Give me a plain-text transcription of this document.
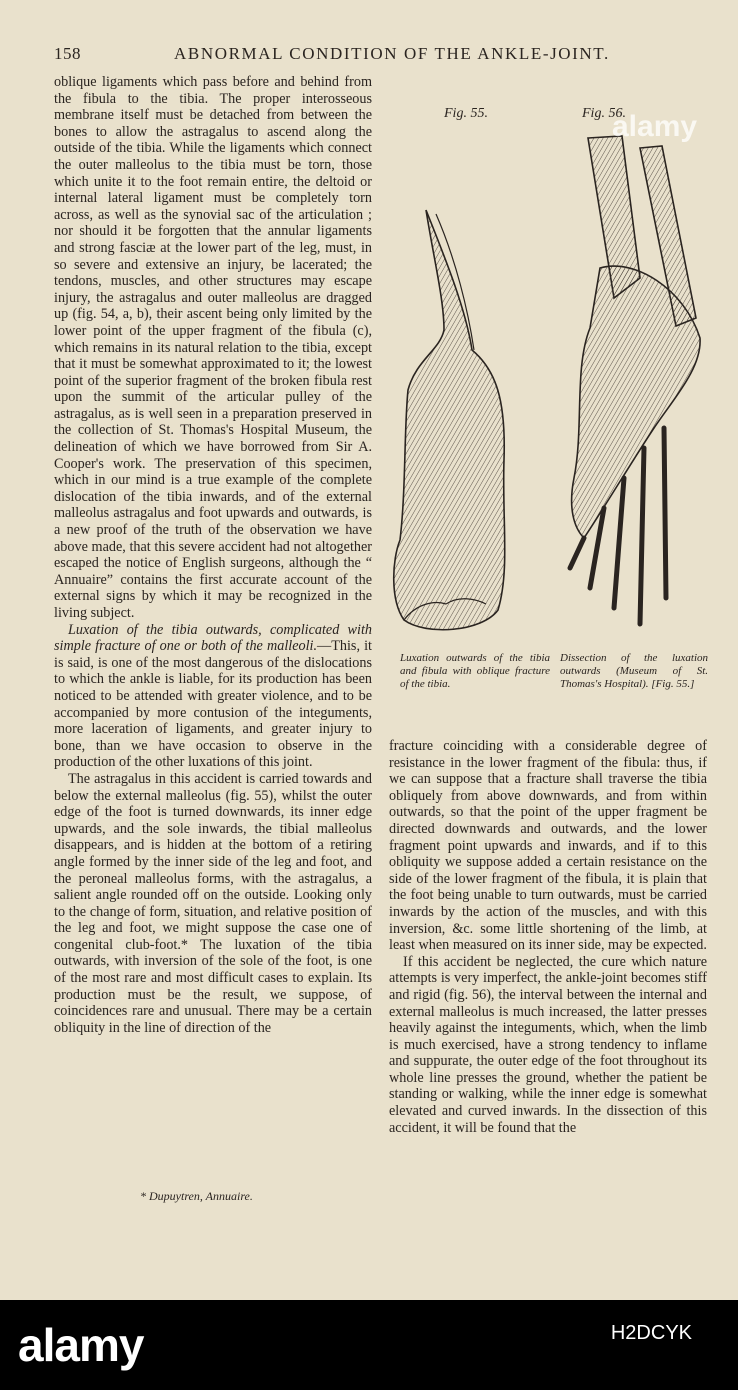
158	ABNORMAL CONDITION OF THE ANKLE-JOINT.

oblique ligaments which pass before and behind from the fibula to the tibia. The proper interosseous membrane itself must be detached from between the bones to allow the astragalus to ascend along the outside of the tibia. While the ligaments which connect the outer malleolus to the tibia must be torn, those which unite it to the foot remain entire, the deltoid or internal lateral ligament must be completely torn across, as well as the synovial sac of the articulation ; nor should it be forgotten that the annular ligaments and strong fasciæ at the lower part of the leg, must, in so severe and extensive an injury, be lacerated; the tendons, muscles, and other structures may escape injury, the astragalus and outer malleolus are dragged up (fig. 54, a, b), their ascent being only limited by the lower point of the upper fragment of the fibula (c), which remains in its natural relation to the tibia, except that it must be somewhat approximated to it; the lowest point of the superior fragment of the broken fibula rest upon the summit of the articular pulley of the astragalus, as is well seen in a preparation preserved in the collection of St. Thomas's Hospital Museum, the delineation of which we have borrowed from Sir A. Cooper's work. The preservation of this specimen, which in our mind is a true example of the complete dislocation of the tibia inwards, and of the external malleolus astragalus and foot upwards and outwards, is a new proof of the truth of the observation we have above made, that this severe accident had not altogether escaped the notice of English surgeons, although the “ Annuaire” contains the first accurate account of the external signs by which it may be recognized in the living subject.

Luxation of the tibia outwards, complicated with simple fracture of one or both of the malleoli.—This, it is said, is one of the most dangerous of the dislocations to which the ankle is liable, for its production has been noticed to be attended with greater violence, and to be accompanied by more contusion of the integuments, more laceration of ligaments, and greater injury to bone, than we have occasion to observe in the production of the other luxations of this joint.

The astragalus in this accident is carried towards and below the external malleolus (fig. 55), whilst the outer edge of the foot is turned downwards, its inner edge upwards, and the sole inwards, the tibial malleolus disappears, and is hidden at the bottom of a retiring angle formed by the inner side of the leg and foot, and the peroneal malleolus forms, with the astragalus, a salient angle rounded off on the outside. Looking only to the change of form, situation, and relative position of the leg and foot, we might suppose the case one of congenital club-foot.* The luxation of the tibia outwards, with inversion of the sole of the foot, is one of the most rare and most difficult cases to explain. Its production must be the result, we suppose, of coincidences rare and unusual. There may be a certain obliquity in the line of direction of the

Fig. 55.	Fig. 56.
Luxation outwards of the tibia and fibula with oblique fracture of the tibia.
Dissection of the luxation outwards (Museum of St. Thomas's Hospital). [Fig. 55.]

fracture coinciding with a considerable degree of resistance in the lower fragment of the fibula: thus, if we can suppose that a fracture shall traverse the tibia obliquely from above downwards, and from within outwards, so that the point of the upper fragment be directed downwards and outwards, and the lower fragment point upwards and inwards, and if to this obliquity we suppose added a certain resistance on the side of the lower fragment of the fibula, it is plain that the foot being unable to turn outwards, must be carried inwards by the action of the muscles, and with this inversion, &c. some little shortening of the limb, at least when measured on its inner side, may be expected.

If this accident be neglected, the cure which nature attempts is very imperfect, the ankle-joint becomes stiff and rigid (fig. 56), the interval between the internal and external malleolus is much increased, the latter presses heavily against the integuments, which, when the limb is much exercised, have a strong tendency to inflame and suppurate, the outer edge of the foot throughout its whole line presses the ground, whether the patient be standing or walking, while the inner edge is somewhat elevated and curved inwards. In the dissection of this accident, it will be found that the

* Dupuytren, Annuaire.
alamy
alamy	H2DCYK
